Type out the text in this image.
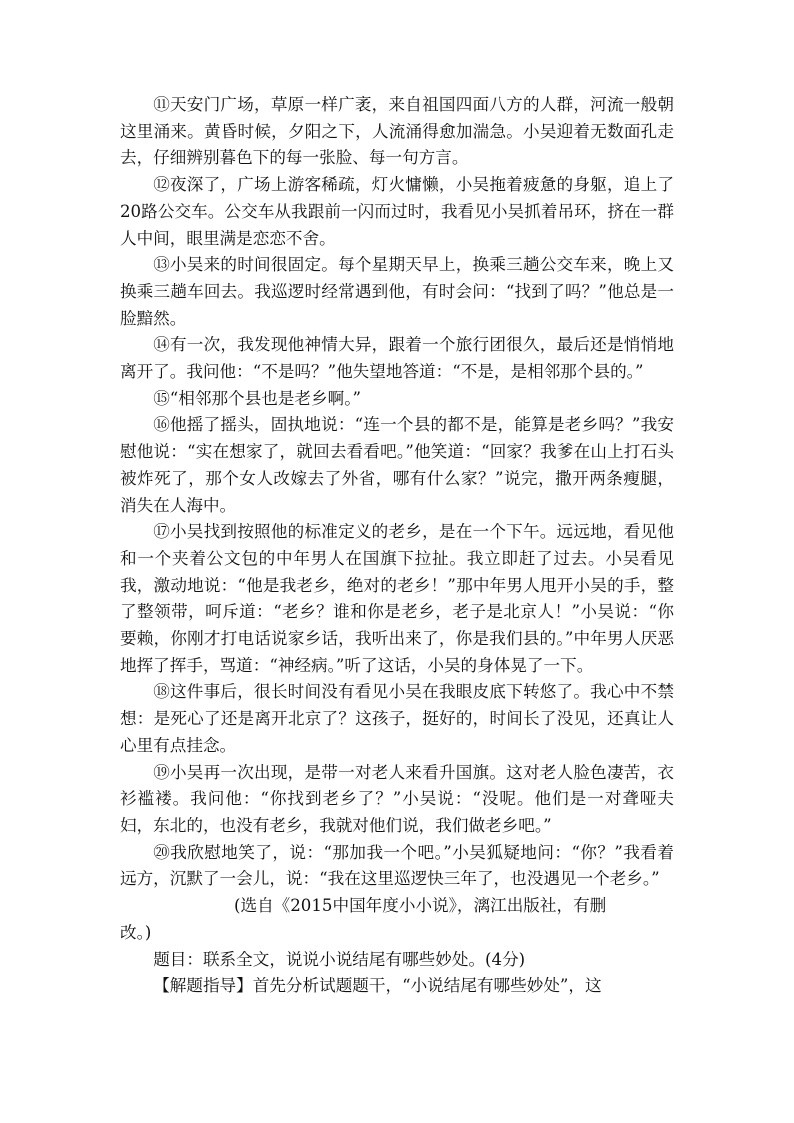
⑪天安门广场，草原一样广袤，来自祖国四面八方的人群，河流一般朝这里涌来。黄昏时候，夕阳之下，人流涌得愈加湍急。小吴迎着无数面孔走去，仔细辨别暮色下的每一张脸、每一句方言。

⑫夜深了，广场上游客稀疏，灯火慵懒，小吴拖着疲惫的身躯，追上了20路公交车。公交车从我跟前一闪而过时，我看见小吴抓着吊环，挤在一群人中间，眼里满是恋恋不舍。

⑬小吴来的时间很固定。每个星期天早上，换乘三趟公交车来，晚上又换乘三趟车回去。我巡逻时经常遇到他，有时会问：“找到了吗？”他总是一脸黯然。

⑭有一次，我发现他神情大异，跟着一个旅行团很久，最后还是悄悄地离开了。我问他：“不是吗？”他失望地答道：“不是，是相邻那个县的。”

⑮“相邻那个县也是老乡啊。”

⑯他摇了摇头，固执地说：“连一个县的都不是，能算是老乡吗？”我安慰他说：“实在想家了，就回去看看吧。”他笑道：“回家？我爹在山上打石头被炸死了，那个女人改嫁去了外省，哪有什么家？”说完，撒开两条瘦腿，消失在人海中。

⑰小吴找到按照他的标准定义的老乡，是在一个下午。远远地，看见他和一个夹着公文包的中年男人在国旗下拉扯。我立即赶了过去。小吴看见我，激动地说：“他是我老乡，绝对的老乡！”那中年男人甩开小吴的手，整了整领带，呵斥道：“老乡？谁和你是老乡，老子是北京人！”小吴说：“你要赖，你刚才打电话说家乡话，我听出来了，你是我们县的。”中年男人厌恶地挥了挥手，骂道：“神经病。”听了这话，小吴的身体晃了一下。

⑱这件事后，很长时间没有看见小吴在我眼皮底下转悠了。我心中不禁想：是死心了还是离开北京了？这孩子，挺好的，时间长了没见，还真让人心里有点挂念。

⑲小吴再一次出现，是带一对老人来看升国旗。这对老人脸色凄苦，衣衫褴褛。我问他：“你找到老乡了？”小吴说：“没呢。他们是一对聋哑夫妇，东北的，也没有老乡，我就对他们说，我们做老乡吧。”

⑳我欣慰地笑了，说：“那加我一个吧。”小吴狐疑地问：“你？”我看着远方，沉默了一会儿，说：“我在这里巡逻快三年了，也没遇见一个老乡。”

(选自《2015中国年度小小说》，漓江出版社，有删
改。)

题目：联系全文，说说小说结尾有哪些妙处。(4分)

【解题指导】首先分析试题题干，“小说结尾有哪些妙处”，这
